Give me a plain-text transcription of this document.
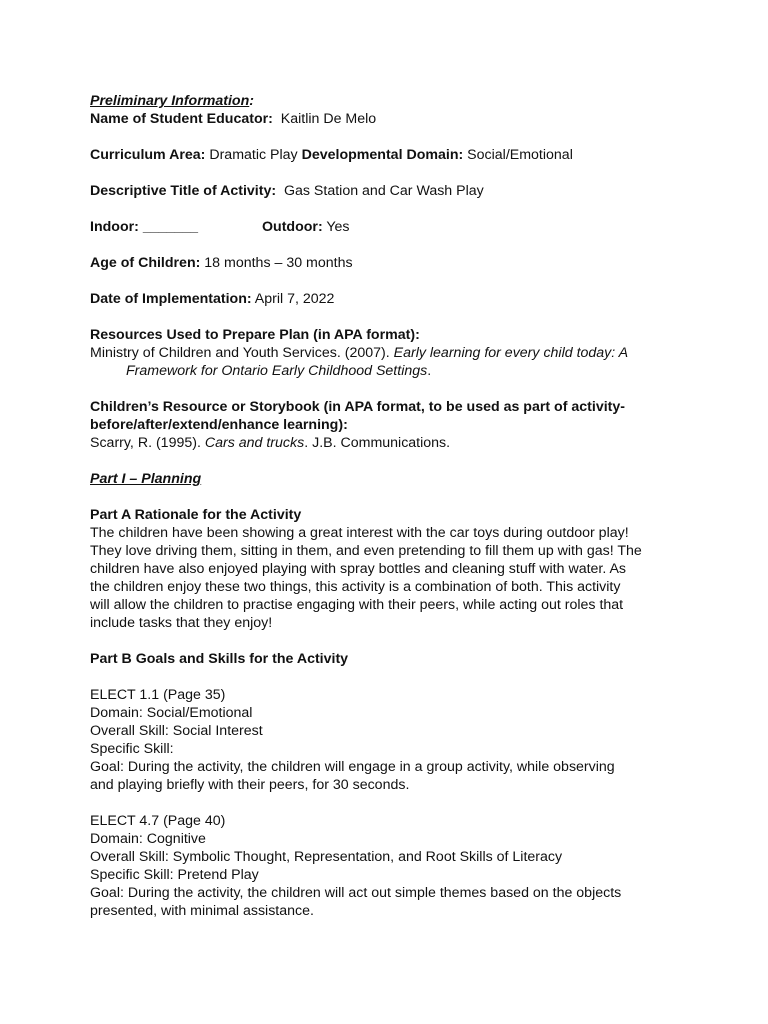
Preliminary Information:
Name of Student Educator: Kaitlin De Melo
Curriculum Area: Dramatic Play Developmental Domain: Social/Emotional
Descriptive Title of Activity: Gas Station and Car Wash Play
Indoor: _______	Outdoor: Yes
Age of Children: 18 months – 30 months
Date of Implementation: April 7, 2022
Resources Used to Prepare Plan (in APA format):
Ministry of Children and Youth Services. (2007). Early learning for every child today: A
Framework for Ontario Early Childhood Settings.
Children’s Resource or Storybook (in APA format, to be used as part of activity-
before/after/extend/enhance learning):
Scarry, R. (1995). Cars and trucks. J.B. Communications.
Part I – Planning
Part A Rationale for the Activity
The children have been showing a great interest with the car toys during outdoor play!
They love driving them, sitting in them, and even pretending to fill them up with gas! The
children have also enjoyed playing with spray bottles and cleaning stuff with water. As
the children enjoy these two things, this activity is a combination of both. This activity
will allow the children to practise engaging with their peers, while acting out roles that
include tasks that they enjoy!
Part B Goals and Skills for the Activity
ELECT 1.1 (Page 35)
Domain: Social/Emotional
Overall Skill: Social Interest
Specific Skill:
Goal: During the activity, the children will engage in a group activity, while observing
and playing briefly with their peers, for 30 seconds.
ELECT 4.7 (Page 40)
Domain: Cognitive
Overall Skill: Symbolic Thought, Representation, and Root Skills of Literacy
Specific Skill: Pretend Play
Goal: During the activity, the children will act out simple themes based on the objects
presented, with minimal assistance.
